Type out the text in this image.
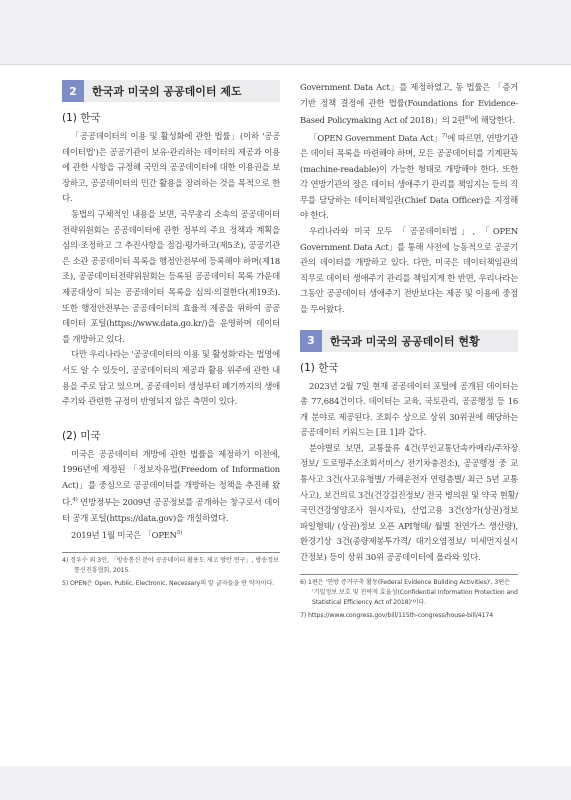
2	한국과 미국의 공공데이터 제도
(1) 한국

「공공데이터의 이용 및 활성화에 관한 법률」(이하 '공공데이터법')은 공공기관이 보유·관리하는 데이터의 제공과 이용에 관한 사항을 규정해 국민의 공공데이터에 대한 이용권을 보장하고, 공공데이터의 민간 활용을 장려하는 것을 목적으로 한다.

동법의 구체적인 내용을 보면, 국무총리 소속의 공공데이터전략위원회는 공공데이터에 관한 정부의 주요 정책과 계획을 심의·조정하고 그 추진사항을 점검·평가하고(제5조), 공공기관은 소관 공공데이터 목록을 행정안전부에 등록해야 하며(제18조), 공공데이터전략위원회는 등록된 공공데이터 목록 가운데 제공대상이 되는 공공데이터 목록을 심의·의결한다(제19조). 또한 행정안전부는 공공데이터의 효율적 제공을 위하여 공공데이터 포털(https://www.data.go.kr/)을 운영하며 데이터를 개방하고 있다.

다만 우리나라는 '공공데이터의 이용 및 활성화'라는 법명에서도 알 수 있듯이, 공공데이터의 제공과 활용 위주에 관한 내용을 주로 담고 있으며, 공공데이터 생성부터 폐기까지의 생애주기와 관련한 규정이 반영되지 않은 측면이 있다.

(2) 미국

미국은 공공데이터 개방에 관한 법률을 제정하기 이전에, 1996년에 제정된 「정보자유법(Freedom of Information Act)」를 중심으로 공공데이터를 개방하는 정책을 추진해 왔다.$^{4)}$ 연방정부는 2009년 공공정보를 공개하는 창구로서 데이터 공개 포털(https://data.gov)을 개설하였다.

2019년 1월 미국은 「OPEN$^{5)}$

4) 정우수 외 3인, 「방송통신 분야 공공데이터 활용도 제고 방안 연구」, 방송정보통신진흥협회, 2015.

5) OPEN은 Open, Public, Electronic, Necessary의 앞 글자들을 딴 약자이다.

Government Data Act」를 제정하였고, 동 법률은 「증거기반 정책 결정에 관한 법률(Foundations for Evidence-Based Policymaking Act of 2018)」의 2편$^{6)}$에 해당한다.

「OPEN Government Data Act」$^{7)}$에 따르면, 연방기관은 데이터 목록을 마련해야 하며, 모든 공공데이터를 기계판독(machine-readable)이 가능한 형태로 개방해야 한다. 또한 각 연방기관의 장은 데이터 생애주기 관리를 책임지는 등의 직무를 담당하는 데이터책임관(Chief Data Officer)을 지정해야 한다.

우리나라와 미국 모두 「공공데이터법」, 「OPEN Government Data Act」를 통해 사전에 능동적으로 공공기관의 데이터를 개방하고 있다. 다만, 미국은 데이터책임관의 직무로 데이터 생애주기 관리를 책임지게 한 반면, 우리나라는 그동안 공공데이터 생애주기 전반보다는 제공 및 이용에 중점을 두어왔다.

3	한국과 미국의 공공데이터 현황
(1) 한국

2023년 2월 7일 현재 공공데이터 포털에 공개된 데이터는 총 77,684건이다. 데이터는 교육, 국토관리, 공공행정 등 16개 분야로 제공된다. 조회수 상으로 상위 30위권에 해당하는 공공데이터 키워드는 [표 1]과 같다.

분야별로 보면, 교통물류 4건(무인교통단속카메라/주차장정보/ 도로명주소조회서비스/ 전기차충전소), 공공행정 중 교통사고 3건(사고유형별/ 가해운전자 연령층별/ 최근 5년 교통사고), 보건의료 3건(건강검진정보/ 전국 병의원 및 약국 현황/ 국민건강영양조사 원시자료), 산업고용 3건(상가(상권)정보 파일형태/ (상권)정보 오픈 API형태/ 월별 천연가스 생산량), 환경기상 3건(종량제봉투가격/ 대기오염정보/ 미세먼지실시간정보) 등이 상위 30위 공공데이터에 올라와 있다.

6) 1편은 '연방 증거구축 활동(Federal Evidence Building Activities)', 3편은 '기밀정보 보호 및 전략적 효율성(Confidential Information Protection and Statistical Efficiency Act of 2018)'이다.

7) https://www.congress.gov/bill/115th-congress/house-bill/4174
